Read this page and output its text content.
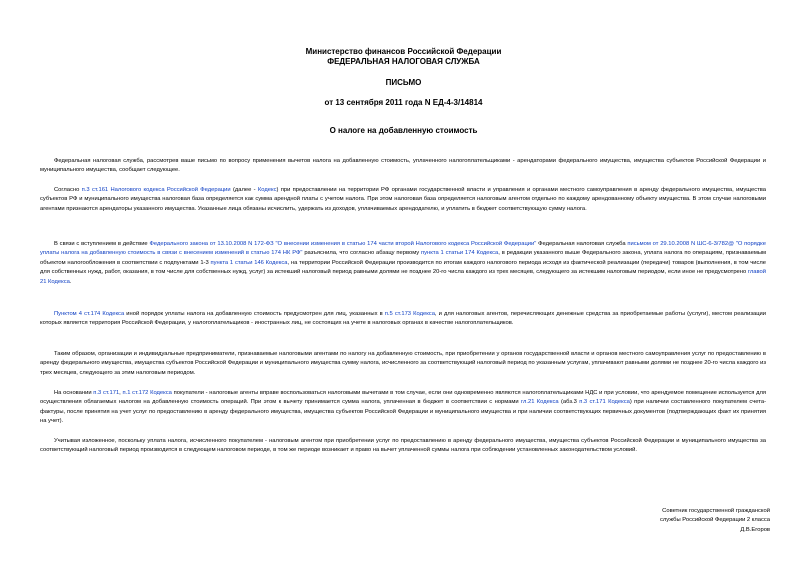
Министерство финансов Российской Федерации

ФЕДЕРАЛЬНАЯ НАЛОГОВАЯ СЛУЖБА

ПИСЬМО

от 13 сентября 2011 года N ЕД-4-3/14814

О налоге на добавленную стоимость

Федеральная налоговая служба, рассмотрев ваше письмо по вопросу применения вычетов налога на добавленную стоимость, уплаченного налогоплательщиками - арендаторами федерального имущества, имущества субъектов Российской Федерации и муниципального имущества, сообщает следующее.

Согласно п.3 ст.161 Налогового кодекса Российской Федерации (далее - Кодекс) при предоставлении на территории РФ органами государственной власти и управления и органами местного самоуправления в аренду федерального имущества, имущества субъектов РФ и муниципального имущества налоговая база определяется как сумма арендной платы с учетом налога. При этом налоговая база определяется налоговым агентом отдельно по каждому арендованному объекту имущества. В этом случае налоговыми агентами признаются арендаторы указанного имущества. Указанные лица обязаны исчислить, удержать из доходов, уплачиваемых арендодателю, и уплатить в бюджет соответствующую сумму налога.

В связи с вступлением в действие Федерального закона от 13.10.2008 N 172-ФЗ "О внесении изменения в статью 174 части второй Налогового кодекса Российской Федерации" Федеральная налоговая служба письмом от 29.10.2008 N ШС-6-3/782@ "О порядке уплаты налога на добавленную стоимость в связи с внесением изменений в статью 174 НК РФ" разъяснила, что согласно абзацу первому пункта 1 статьи 174 Кодекса, в редакции указанного выше Федерального закона, уплата налога по операциям, признаваемым объектом налогообложения в соответствии с подпунктами 1-3 пункта 1 статьи 146 Кодекса, на территории Российской Федерации производится по итогам каждого налогового периода исходя из фактической реализации (передачи) товаров (выполнения, в том числе для собственных нужд, работ, оказания, в том числе для собственных нужд, услуг) за истекший налоговый период равными долями не позднее 20-го числа каждого из трех месяцев, следующего за истекшим налоговым периодом, если иное не предусмотрено главой 21 Кодекса.

Пунктом 4 ст.174 Кодекса иной порядок уплаты налога на добавленную стоимость предусмотрен для лиц, указанных в п.5 ст.173 Кодекса, и для налоговых агентов, перечисляющих денежные средства за приобретаемые работы (услуги), местом реализации которых является территория Российской Федерации, у налогоплательщиков - иностранных лиц, не состоящих на учете в налоговых органах в качестве налогоплательщиков.

Таким образом, организации и индивидуальные предприниматели, признаваемые налоговыми агентами по налогу на добавленную стоимость, при приобретении у органов государственной власти и органов местного самоуправления услуг по предоставлению в аренду федерального имущества, имущества субъектов Российской Федерации и муниципального имущества сумму налога, исчисленного за соответствующий налоговый период по указанным услугам, уплачивают равными долями не позднее 20-го числа каждого из трех месяцев, следующего за этим налоговым периодом.

На основании п.3 ст.171, п.1 ст.172 Кодекса покупатели - налоговые агенты вправе воспользоваться налоговыми вычетами в том случае, если они одновременно являются налогоплательщиками НДС и при условии, что арендуемое помещение используется для осуществления облагаемых налогом на добавленную стоимость операций. При этом к вычету принимается сумма налога, уплаченная в бюджет в соответствии с нормами гл.21 Кодекса (абз.3 п.3 ст.171 Кодекса) при наличии составленного покупателем счета-фактуры, после принятия на учет услуг по предоставлению в аренду федерального имущества, имущества субъектов Российской Федерации и муниципального имущества и при наличии соответствующих первичных документов (подтверждающих факт их принятия на учет).

Учитывая изложенное, поскольку уплата налога, исчисленного покупателем - налоговым агентом при приобретении услуг по предоставлению в аренду федерального имущества, имущества субъектов Российской Федерации и муниципального имущества за соответствующий налоговый период производится в следующем налоговом периоде, в том же периоде возникает и право на вычет уплаченной суммы налога при соблюдении установленных законодательством условий.

Советник государственной гражданской
службы Российской Федерации 2 класса
Д.В.Егоров
